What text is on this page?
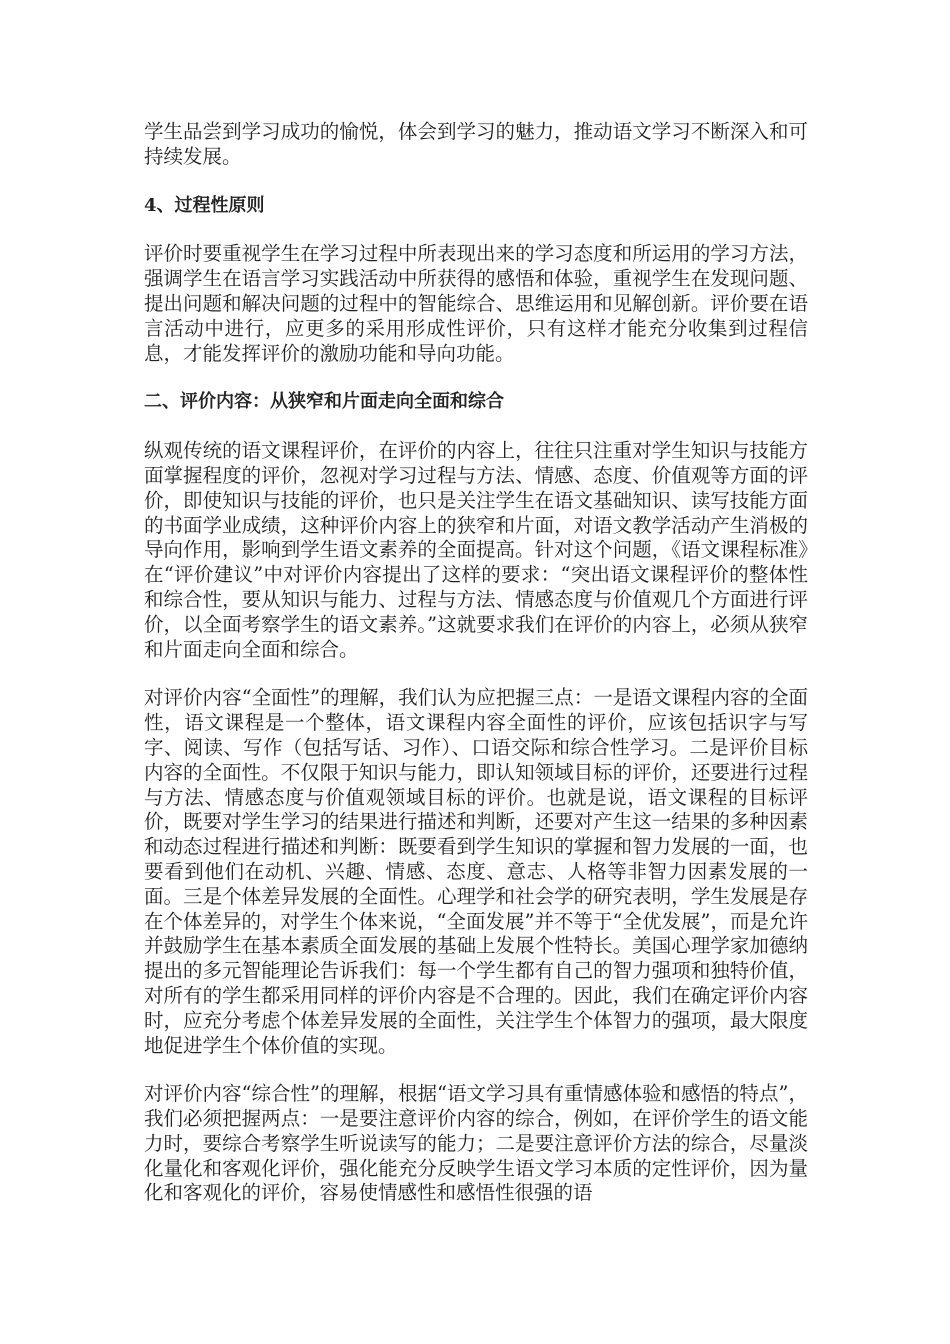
学生品尝到学习成功的愉悦，体会到学习的魅力，推动语文学习不断深入和可持续发展。

4、过程性原则

评价时要重视学生在学习过程中所表现出来的学习态度和所运用的学习方法，强调学生在语言学习实践活动中所获得的感悟和体验，重视学生在发现问题、提出问题和解决问题的过程中的智能综合、思维运用和见解创新。评价要在语言活动中进行，应更多的采用形成性评价，只有这样才能充分收集到过程信息，才能发挥评价的激励功能和导向功能。

二、评价内容：从狭窄和片面走向全面和综合

纵观传统的语文课程评价，在评价的内容上，往往只注重对学生知识与技能方面掌握程度的评价，忽视对学习过程与方法、情感、态度、价值观等方面的评价，即使知识与技能的评价，也只是关注学生在语文基础知识、读写技能方面的书面学业成绩，这种评价内容上的狭窄和片面，对语文教学活动产生消极的导向作用，影响到学生语文素养的全面提高。针对这个问题，《语文课程标准》在“评价建议”中对评价内容提出了这样的要求：“突出语文课程评价的整体性和综合性，要从知识与能力、过程与方法、情感态度与价值观几个方面进行评价，以全面考察学生的语文素养。”这就要求我们在评价的内容上，必须从狭窄和片面走向全面和综合。

对评价内容“全面性”的理解，我们认为应把握三点：一是语文课程内容的全面性，语文课程是一个整体，语文课程内容全面性的评价，应该包括识字与写字、阅读、写作（包括写话、习作）、口语交际和综合性学习。二是评价目标内容的全面性。不仅限于知识与能力，即认知领域目标的评价，还要进行过程与方法、情感态度与价值观领域目标的评价。也就是说，语文课程的目标评价，既要对学生学习的结果进行描述和判断，还要对产生这一结果的多种因素和动态过程进行描述和判断：既要看到学生知识的掌握和智力发展的一面，也要看到他们在动机、兴趣、情感、态度、意志、人格等非智力因素发展的一面。三是个体差异发展的全面性。心理学和社会学的研究表明，学生发展是存在个体差异的，对学生个体来说，“全面发展”并不等于“全优发展”，而是允许并鼓励学生在基本素质全面发展的基础上发展个性特长。美国心理学家加德纳提出的多元智能理论告诉我们：每一个学生都有自己的智力强项和独特价值，对所有的学生都采用同样的评价内容是不合理的。因此，我们在确定评价内容时，应充分考虑个体差异发展的全面性，关注学生个体智力的强项，最大限度地促进学生个体价值的实现。

对评价内容“综合性”的理解，根据“语文学习具有重情感体验和感悟的特点”，我们必须把握两点：一是要注意评价内容的综合，例如，在评价学生的语文能力时，要综合考察学生听说读写的能力；二是要注意评价方法的综合，尽量淡化量化和客观化评价，强化能充分反映学生语文学习本质的定性评价，因为量化和客观化的评价，容易使情感性和感悟性很强的语
